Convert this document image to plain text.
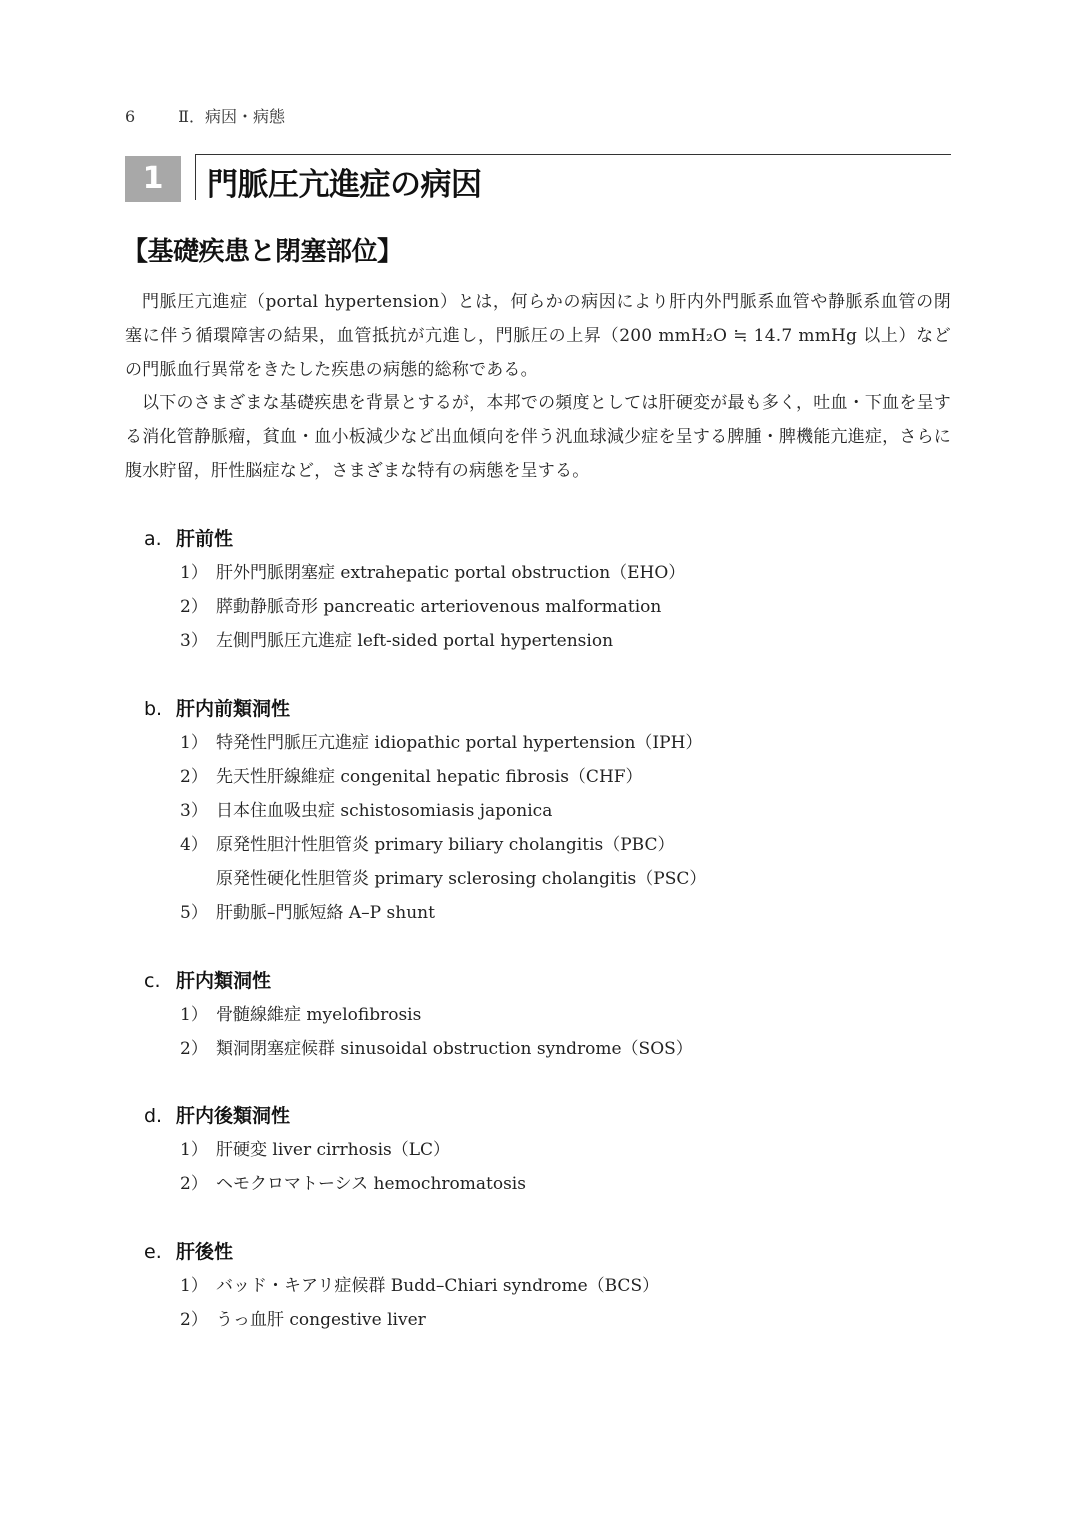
6	Ⅱ．病因・病態
1	門脈圧亢進症の病因
【基礎疾患と閉塞部位】

門脈圧亢進症（portal hypertension）とは，何らかの病因により肝内外門脈系血管や静脈系血管の閉塞に伴う循環障害の結果，血管抵抗が亢進し，門脈圧の上昇（200 mmH₂O ≒ 14.7 mmHg 以上）などの門脈血行異常をきたした疾患の病態的総称である。

以下のさまざまな基礎疾患を背景とするが，本邦での頻度としては肝硬変が最も多く，吐血・下血を呈する消化管静脈瘤，貧血・血小板減少など出血傾向を伴う汎血球減少症を呈する脾腫・脾機能亢進症，さらに腹水貯留，肝性脳症など，さまざまな特有の病態を呈する。

a. 肝前性
1） 肝外門脈閉塞症 extrahepatic portal obstruction（EHO）
2） 膵動静脈奇形 pancreatic arteriovenous malformation
3） 左側門脈圧亢進症 left-sided portal hypertension
b. 肝内前類洞性
1） 特発性門脈圧亢進症 idiopathic portal hypertension（IPH）
2） 先天性肝線維症 congenital hepatic fibrosis（CHF）
3） 日本住血吸虫症 schistosomiasis japonica
4） 原発性胆汁性胆管炎 primary biliary cholangitis（PBC）
原発性硬化性胆管炎 primary sclerosing cholangitis（PSC）
5） 肝動脈–門脈短絡 A–P shunt
c. 肝内類洞性
1） 骨髄線維症 myelofibrosis
2） 類洞閉塞症候群 sinusoidal obstruction syndrome（SOS）
d. 肝内後類洞性
1） 肝硬変 liver cirrhosis（LC）
2） ヘモクロマトーシス hemochromatosis
e. 肝後性
1） バッド・キアリ症候群 Budd–Chiari syndrome（BCS）
2） うっ血肝 congestive liver
